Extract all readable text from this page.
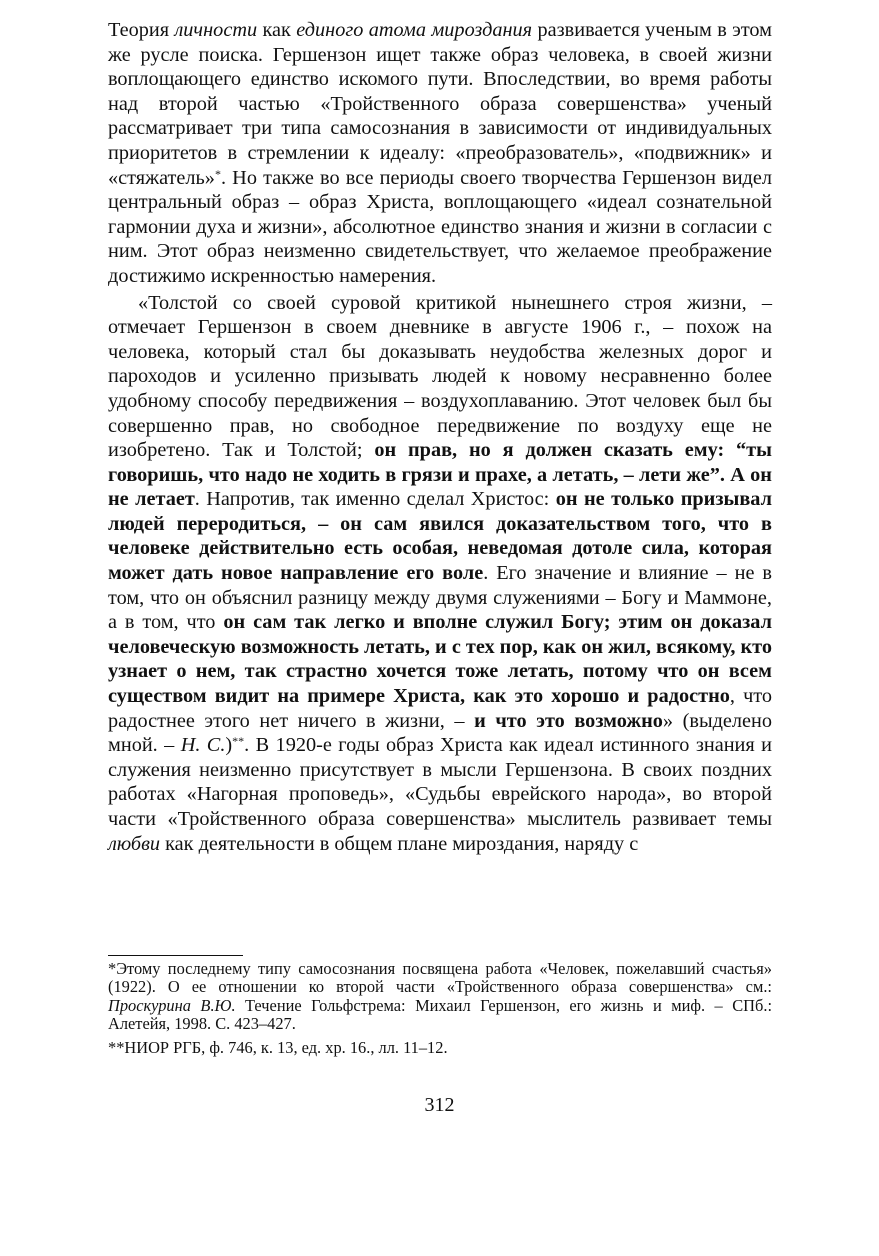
Теория личности как единого атома мироздания развивается ученым в этом же русле поиска. Гершензон ищет также образ человека, в своей жизни воплощающего единство искомого пути. Впоследствии, во время работы над второй частью «Тройственного образа совершенства» ученый рассматривает три типа самосознания в зависимости от индивидуальных приоритетов в стремлении к идеалу: «преобразователь», «подвижник» и «стяжатель»*. Но также во все периоды своего творчества Гершензон видел центральный образ – образ Христа, воплощающего «идеал сознательной гармонии духа и жизни», абсолютное единство знания и жизни в согласии с ним. Этот образ неизменно свидетельствует, что желаемое преображение достижимо искренностью намерения.

«Толстой со своей суровой критикой нынешнего строя жизни, – отмечает Гершензон в своем дневнике в августе 1906 г., – похож на человека, который стал бы доказывать неудобства железных дорог и пароходов и усиленно призывать людей к новому несравненно более удобному способу передвижения – воздухоплаванию. Этот человек был бы совершенно прав, но свободное передвижение по воздуху еще не изобретено. Так и Толстой; он прав, но я должен сказать ему: “ты говоришь, что надо не ходить в грязи и прахе, а летать, – лети же”. А он не летает. Напротив, так именно сделал Христос: он не только призывал людей переродиться, – он сам явился доказательством того, что в человеке действительно есть особая, неведомая дотоле сила, которая может дать новое направление его воле. Его значение и влияние – не в том, что он объяснил разницу между двумя служениями – Богу и Маммоне, а в том, что он сам так легко и вполне служил Богу; этим он доказал человеческую возможность летать, и с тех пор, как он жил, всякому, кто узнает о нем, так страстно хочется тоже летать, потому что он всем существом видит на примере Христа, как это хорошо и радостно, что радостнее этого нет ничего в жизни, – и что это возможно» (выделено мной. – Н. С.)**. В 1920-е годы образ Христа как идеал истинного знания и служения неизменно присутствует в мысли Гершензона. В своих поздних работах «Нагорная проповедь», «Судьбы еврейского народа», во второй части «Тройственного образа совершенства» мыслитель развивает темы любви как деятельности в общем плане мироздания, наряду с

*Этому последнему типу самосознания посвящена работа «Человек, пожелавший счастья» (1922). О ее отношении ко второй части «Тройственного образа совершенства» см.: Проскурина В.Ю. Течение Гольфстрема: Михаил Гершензон, его жизнь и миф. – СПб.: Алетейя, 1998. С. 423–427.

**НИОР РГБ, ф. 746, к. 13, ед. хр. 16., лл. 11–12.

312
